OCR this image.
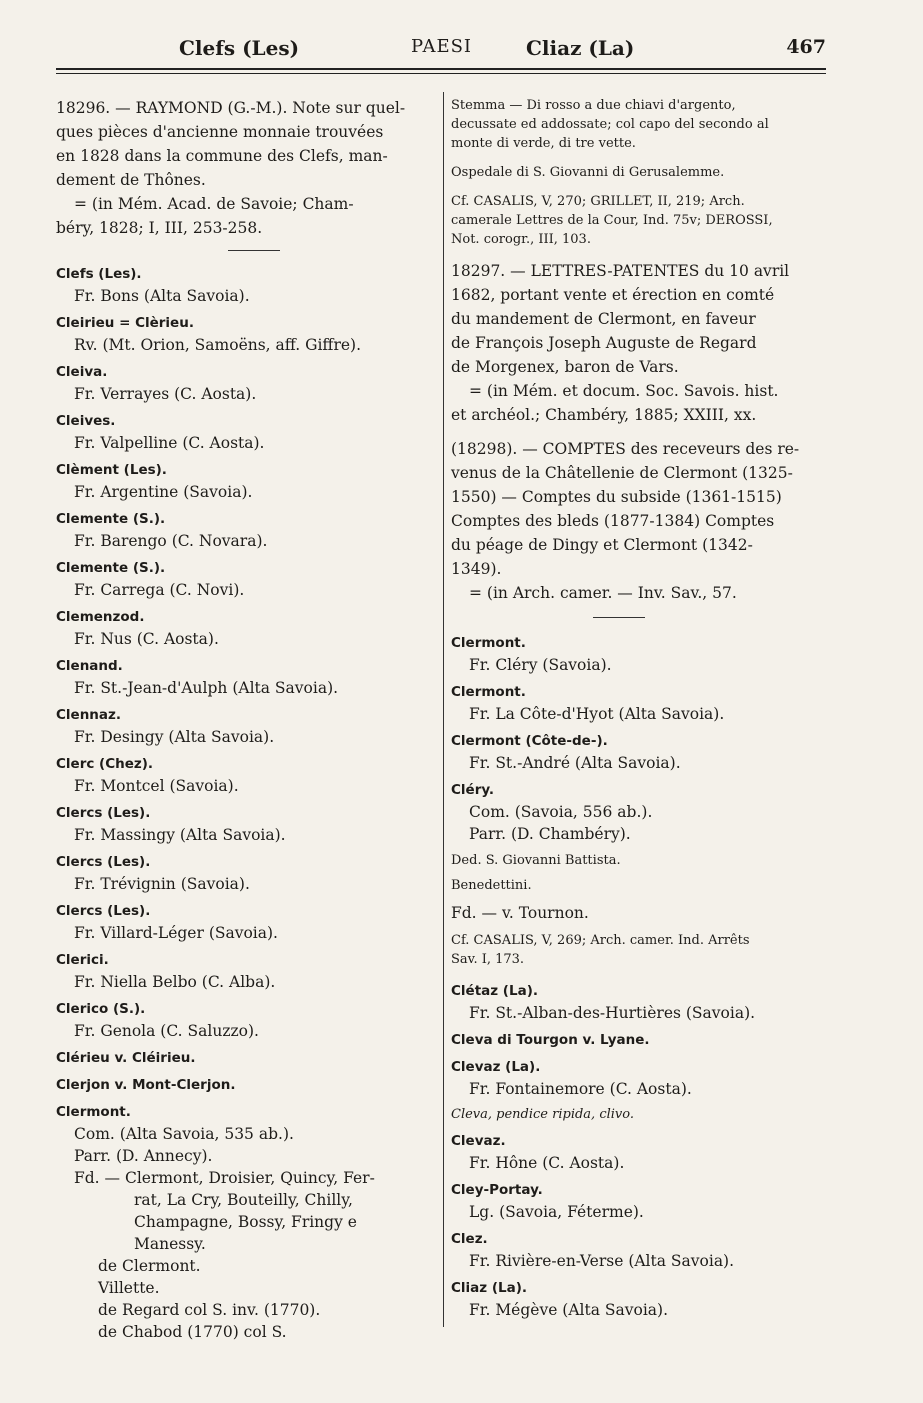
Clefs (Les)	PAESI	Cliaz (La)	467
18296. — RAYMOND (G.-M.). Note sur quel-
ques pièces d'ancienne monnaie trouvées
en 1828 dans la commune des Clefs, man-
dement de Thônes.
= (in Mém. Acad. de Savoie; Cham-
béry, 1828; I, III, 253-258.
Clefs (Les).
Fr. Bons (Alta Savoia).
Cleirieu = Clèrieu.
Rv. (Mt. Orion, Samoëns, aff. Giffre).
Cleiva.
Fr. Verrayes (C. Aosta).
Cleives.
Fr. Valpelline (C. Aosta).
Clèment (Les).
Fr. Argentine (Savoia).
Clemente (S.).
Fr. Barengo (C. Novara).
Clemente (S.).
Fr. Carrega (C. Novi).
Clemenzod.
Fr. Nus (C. Aosta).
Clenand.
Fr. St.-Jean-d'Aulph (Alta Savoia).
Clennaz.
Fr. Desingy (Alta Savoia).
Clerc (Chez).
Fr. Montcel (Savoia).
Clercs (Les).
Fr. Massingy (Alta Savoia).
Clercs (Les).
Fr. Trévignin (Savoia).
Clercs (Les).
Fr. Villard-Léger (Savoia).
Clerici.
Fr. Niella Belbo (C. Alba).
Clerico (S.).
Fr. Genola (C. Saluzzo).
Clérieu v. Cléirieu.
Clerjon v. Mont-Clerjon.
Clermont.
Com. (Alta Savoia, 535 ab.).
Parr. (D. Annecy).
Fd. — Clermont, Droisier, Quincy, Fer-
rat, La Cry, Bouteilly, Chilly,
Champagne, Bossy, Fringy e
Manessy.
de Clermont.
Villette.
de Regard col S. inv. (1770).
de Chabod (1770) col S.
Stemma — Di rosso a due chiavi d'argento,
decussate ed addossate; col capo del secondo al
monte di verde, di tre vette.
Ospedale di S. Giovanni di Gerusalemme.
Cf. CASALIS, V, 270; GRILLET, II, 219; Arch.
camerale Lettres de la Cour, Ind. 75v; DEROSSI,
Not. corogr., III, 103.
18297. — LETTRES-PATENTES du 10 avril
1682, portant vente et érection en comté
du mandement de Clermont, en faveur
de François Joseph Auguste de Regard
de Morgenex, baron de Vars.
= (in Mém. et docum. Soc. Savois. hist.
et archéol.; Chambéry, 1885; XXIII, xx.
(18298). — COMPTES des receveurs des re-
venus de la Châtellenie de Clermont (1325-
1550) — Comptes du subside (1361-1515)
Comptes des bleds (1877-1384) Comptes
du péage de Dingy et Clermont (1342-
1349).
= (in Arch. camer. — Inv. Sav., 57.
Clermont.
Fr. Cléry (Savoia).
Clermont.
Fr. La Côte-d'Hyot (Alta Savoia).
Clermont (Côte-de-).
Fr. St.-André (Alta Savoia).
Cléry.
Com. (Savoia, 556 ab.).
Parr. (D. Chambéry).
Ded. S. Giovanni Battista.
Benedettini.
Fd. — v. Tournon.
Cf. CASALIS, V, 269; Arch. camer. Ind. Arrêts
Sav. I, 173.
Clétaz (La).
Fr. St.-Alban-des-Hurtières (Savoia).
Cleva di Tourgon v. Lyane.
Clevaz (La).
Fr. Fontainemore (C. Aosta).
Cleva, pendice ripida, clivo.
Clevaz.
Fr. Hône (C. Aosta).
Cley-Portay.
Lg. (Savoia, Féterme).
Clez.
Fr. Rivière-en-Verse (Alta Savoia).
Cliaz (La).
Fr. Mégève (Alta Savoia).
